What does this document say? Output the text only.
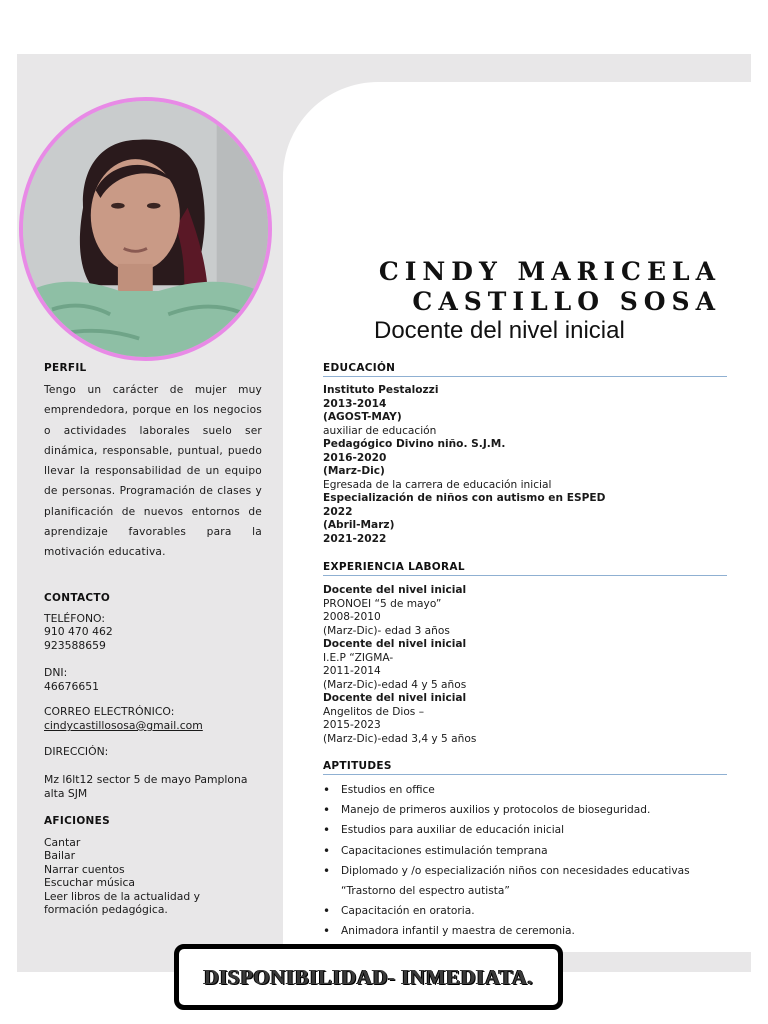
CINDY MARICELA
CASTILLO SOSA
Docente del nivel inicial
PERFIL
Tengo un carácter de mujer muy emprendedora, porque en los negocios o actividades laborales suelo ser dinámica, responsable, puntual, puedo llevar la responsabilidad de un equipo de personas. Programación de clases y planificación de nuevos entornos de aprendizaje favorables para la motivación educativa.
CONTACTO
TELÉFONO:
910 470 462
923588659
DNI:
46676651
CORREO ELECTRÓNICO:
cindycastillososa@gmail.com
DIRECCIÓN:
Mz l6lt12 sector 5 de mayo Pamplona
alta SJM
AFICIONES
Cantar
Bailar
Narrar cuentos
Escuchar música
Leer libros de la actualidad y
formación pedagógica.
EDUCACIÓN
Instituto Pestalozzi
2013-2014
(AGOST-MAY)
auxiliar de educación
Pedagógico Divino niño. S.J.M.
2016-2020
(Marz-Dic)
Egresada de la carrera de educación inicial
Especialización de niños con autismo en ESPED
2022
(Abril-Marz)
2021-2022
EXPERIENCIA LABORAL
Docente del nivel inicial
PRONOEI “5 de mayo”
2008-2010
(Marz-Dic)- edad 3 años
Docente del nivel inicial
I.E.P “ZIGMA-
2011-2014
(Marz-Dic)-edad 4 y 5 años
Docente del nivel inicial
Angelitos de Dios –
2015-2023
(Marz-Dic)-edad 3,4 y 5 años
APTITUDES
• Estudios en office
• Manejo de primeros auxilios y protocolos de bioseguridad.
• Estudios para auxiliar de educación inicial
• Capacitaciones estimulación temprana
• Diplomado y /o especialización niños con necesidades educativas “Trastorno del espectro autista”
• Capacitación en oratoria.
• Animadora infantil y maestra de ceremonia.
DISPONIBILIDAD- INMEDIATA.
